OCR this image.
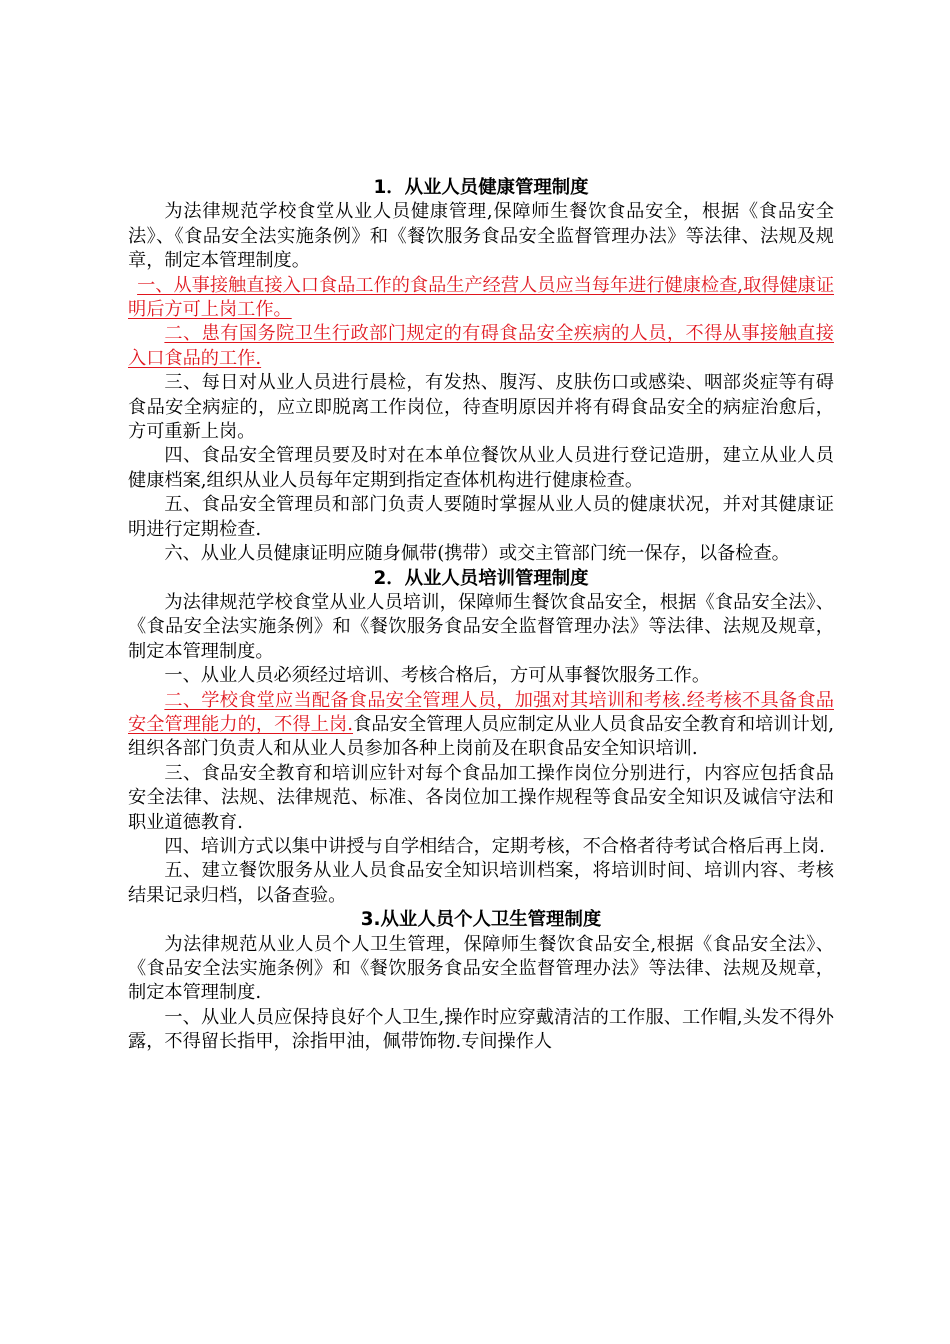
1．从业人员健康管理制度

为法律规范学校食堂从业人员健康管理,保障师生餐饮食品安全，根据《食品安全法》、《食品安全法实施条例》和《餐饮服务食品安全监督管理办法》等法律、法规及规章，制定本管理制度。

一、从事接触直接入口食品工作的食品生产经营人员应当每年进行健康检查,取得健康证明后方可上岗工作。

二、患有国务院卫生行政部门规定的有碍食品安全疾病的人员，不得从事接触直接入口食品的工作.

三、每日对从业人员进行晨检，有发热、腹泻、皮肤伤口或感染、咽部炎症等有碍食品安全病症的，应立即脱离工作岗位，待查明原因并将有碍食品安全的病症治愈后，方可重新上岗。

四、食品安全管理员要及时对在本单位餐饮从业人员进行登记造册，建立从业人员健康档案,组织从业人员每年定期到指定查体机构进行健康检查。

五、食品安全管理员和部门负责人要随时掌握从业人员的健康状况，并对其健康证明进行定期检查.

六、从业人员健康证明应随身佩带(携带）或交主管部门统一保存，以备检查。

2．从业人员培训管理制度

为法律规范学校食堂从业人员培训，保障师生餐饮食品安全，根据《食品安全法》、《食品安全法实施条例》和《餐饮服务食品安全监督管理办法》等法律、法规及规章，制定本管理制度。

一、从业人员必须经过培训、考核合格后，方可从事餐饮服务工作。

二、学校食堂应当配备食品安全管理人员，加强对其培训和考核.经考核不具备食品安全管理能力的，不得上岗.食品安全管理人员应制定从业人员食品安全教育和培训计划,组织各部门负责人和从业人员参加各种上岗前及在职食品安全知识培训.

三、食品安全教育和培训应针对每个食品加工操作岗位分别进行，内容应包括食品安全法律、法规、法律规范、标准、各岗位加工操作规程等食品安全知识及诚信守法和职业道德教育.

四、培训方式以集中讲授与自学相结合，定期考核，不合格者待考试合格后再上岗.

五、建立餐饮服务从业人员食品安全知识培训档案，将培训时间、培训内容、考核结果记录归档，以备查验。

3.从业人员个人卫生管理制度

为法律规范从业人员个人卫生管理，保障师生餐饮食品安全,根据《食品安全法》、《食品安全法实施条例》和《餐饮服务食品安全监督管理办法》等法律、法规及规章，制定本管理制度.

一、从业人员应保持良好个人卫生,操作时应穿戴清洁的工作服、工作帽,头发不得外露，不得留长指甲，涂指甲油，佩带饰物.专间操作人
